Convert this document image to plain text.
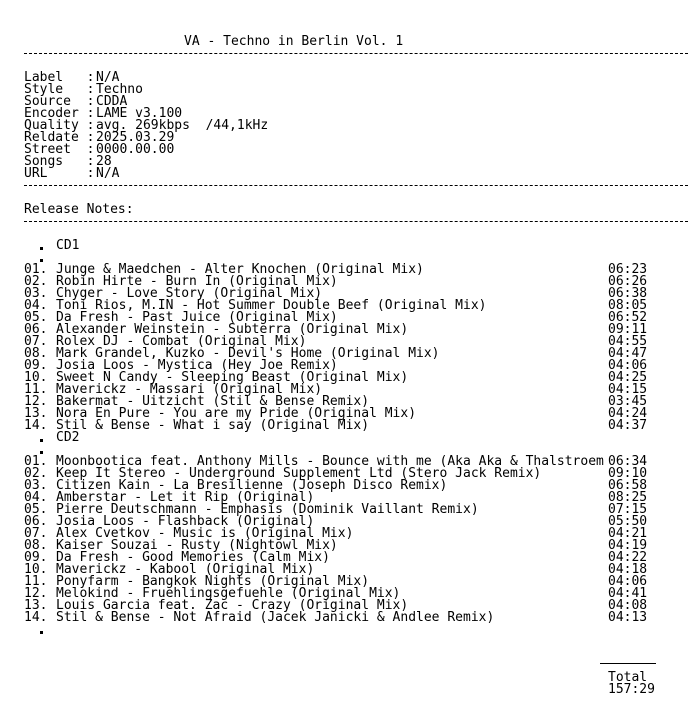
VA - Techno in Berlin Vol. 1

Label   : N/A
Style   : Techno
Source  : CDDA
Encoder : LAME v3.100
Quality : avg. 269kbps  /44,1kHz
Reldate : 2025.03.29
Street  : 0000.00.00
Songs   : 28
URL     : N/A

Release Notes:

CD1
01. Junge & Maedchen - Alter Knochen (Original Mix)	06:23
02. Robin Hirte - Burn In (Original Mix)	06:26
03. Chyger - Love Story (Original Mix)	06:38
04. Toni Rios, M.IN - Hot Summer Double Beef (Original Mix)	08:05
05. Da Fresh - Past Juice (Original Mix)	06:52
06. Alexander Weinstein - Subterra (Original Mix)	09:11
07. Rolex DJ - Combat (Original Mix)	04:55
08. Mark Grandel, Kuzko - Devil's Home (Original Mix)	04:47
09. Josia Loos - Mystica (Hey Joe Remix)	04:06
10. Sweet N Candy - Sleeping Beast (Original Mix)	04:25
11. Maverickz - Massari (Original Mix)	04:15
12. Bakermat - Uitzicht (Stil & Bense Remix)	03:45
13. Nora En Pure - You are my Pride (Original Mix)	04:24
14. Stil & Bense - What i say (Original Mix)	04:37
CD2
01. Moonbootica feat. Anthony Mills - Bounce with me (Aka Aka & Thalstroem 06:34
02. Keep It Stereo - Underground Supplement Ltd (Stero Jack Remix)	09:10
03. Citizen Kain - La Bresilienne (Joseph Disco Remix)	06:58
04. Amberstar - Let it Rip (Original)	08:25
05. Pierre Deutschmann - Emphasis (Dominik Vaillant Remix)	07:15
06. Josia Loos - Flashback (Original)	05:50
07. Alex Cvetkov - Music is (Original Mix)	04:21
08. Kaiser Souzai - Rusty (Nightowl Mix)	04:19
09. Da Fresh - Good Memories (Calm Mix)	04:22
10. Maverickz - Kabool (Original Mix)	04:18
11. Ponyfarm - Bangkok Nights (Original Mix)	04:06
12. Melokind - Fruehlingsgefuehle (Original Mix)	04:41
13. Louis Garcia feat. Zac - Crazy (Original Mix)	04:08
14. Stil & Bense - Not Afraid (Jacek Janicki & Andlee Remix)	04:13
Total
157:29
